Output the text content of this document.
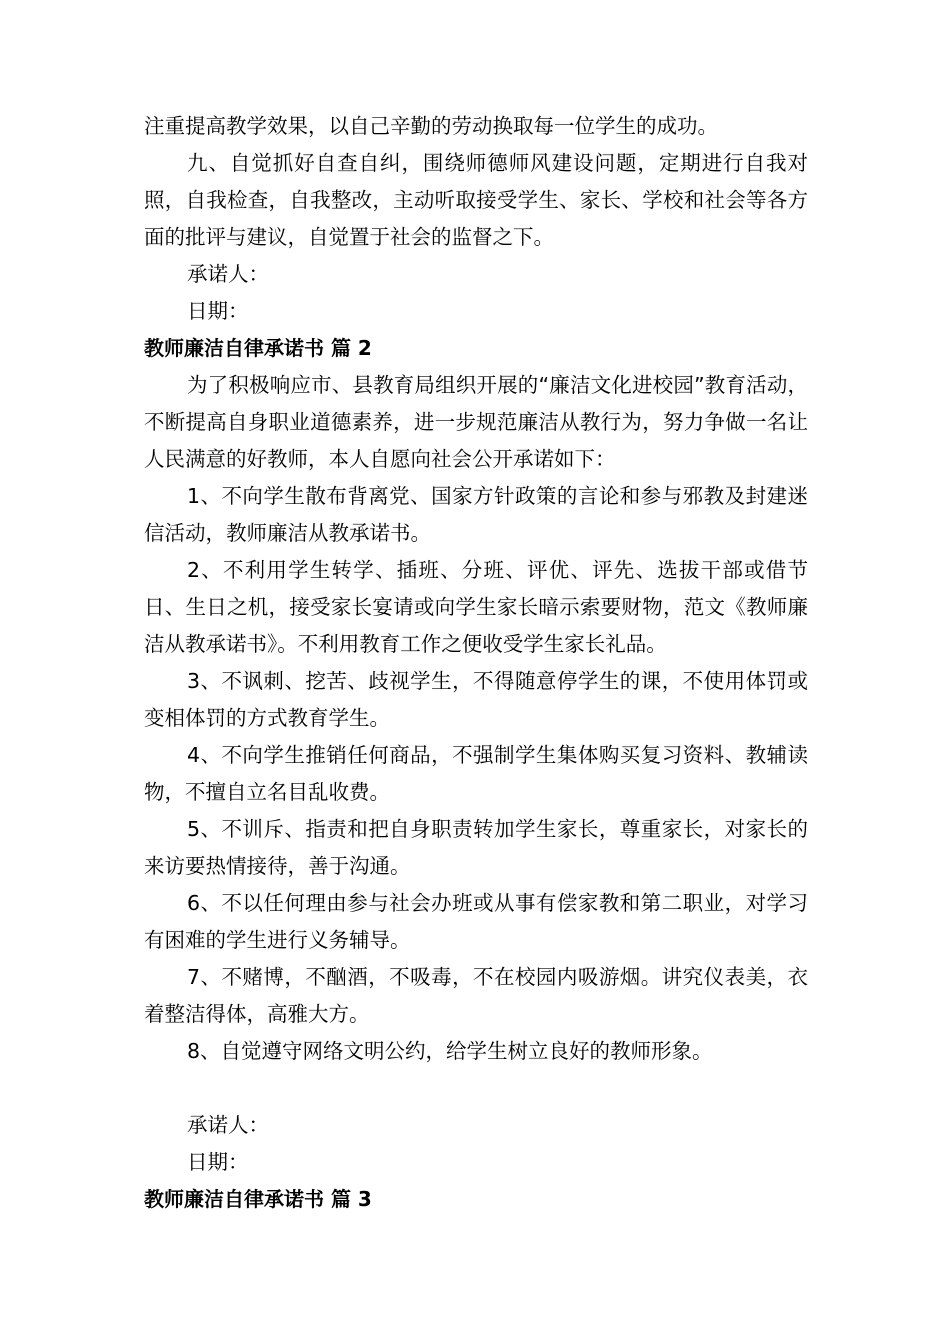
注重提高教学效果，以自己辛勤的劳动换取每一位学生的成功。

九、自觉抓好自查自纠，围绕师德师风建设问题，定期进行自我对照，自我检查，自我整改，主动听取接受学生、家长、学校和社会等各方面的批评与建议，自觉置于社会的监督之下。

承诺人：

日期：

教师廉洁自律承诺书 篇 2

为了积极响应市、县教育局组织开展的“廉洁文化进校园”教育活动，不断提高自身职业道德素养，进一步规范廉洁从教行为，努力争做一名让人民满意的好教师，本人自愿向社会公开承诺如下：

1、不向学生散布背离党、国家方针政策的言论和参与邪教及封建迷信活动，教师廉洁从教承诺书。

2、不利用学生转学、插班、分班、评优、评先、选拔干部或借节日、生日之机，接受家长宴请或向学生家长暗示索要财物，范文《教师廉洁从教承诺书》。不利用教育工作之便收受学生家长礼品。

3、不讽刺、挖苦、歧视学生，不得随意停学生的课，不使用体罚或变相体罚的方式教育学生。

4、不向学生推销任何商品，不强制学生集体购买复习资料、教辅读物，不擅自立名目乱收费。

5、不训斥、指责和把自身职责转加学生家长，尊重家长，对家长的来访要热情接待，善于沟通。

6、不以任何理由参与社会办班或从事有偿家教和第二职业，对学习有困难的学生进行义务辅导。

7、不赌博，不酗酒，不吸毒，不在校园内吸游烟。讲究仪表美，衣着整洁得体，高雅大方。

8、自觉遵守网络文明公约，给学生树立良好的教师形象。

承诺人：

日期：

教师廉洁自律承诺书 篇 3
